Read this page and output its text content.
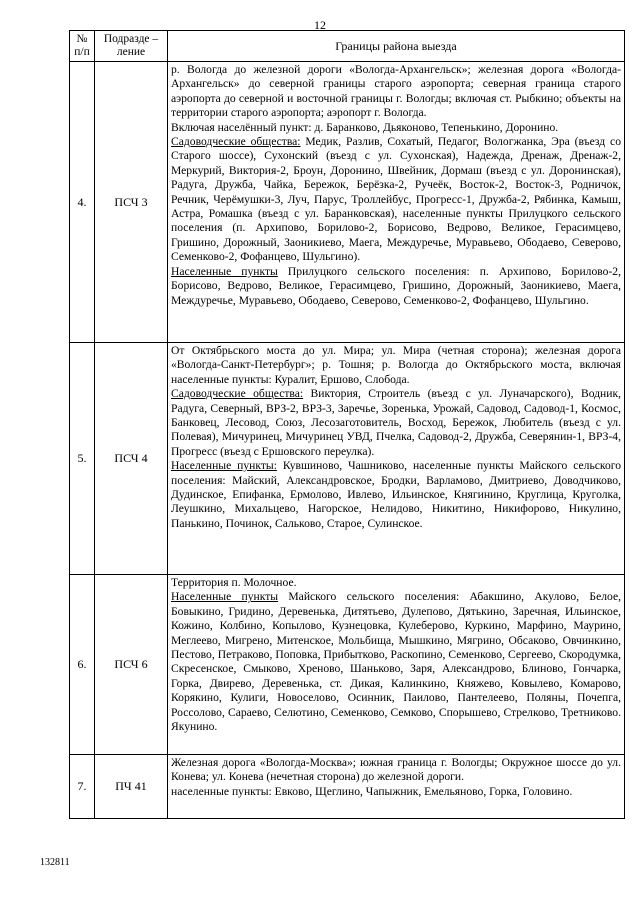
12
№ п/п	Подразде – ление	Границы района выезда
4.	ПСЧ 3	р. Вологда до железной дороги «Вологда-Архангельск»; железная дорога «Вологда-Архангельск» до северной границы старого аэропорта; северная граница старого аэропорта до северной и восточной границы г. Вологды; включая ст. Рыбкино; объекты на территории старого аэропорта; аэропорт г. Вологда.

Включая населённый пункт: д. Баранково, Дьяконово, Тепенькино, Доронино.

Садоводческие общества: Медик, Разлив, Сохатый, Педагог, Вологжанка, Эра (въезд со Старого шоссе), Сухонский (въезд с ул. Сухонская), Надежда, Дренаж, Дренаж-2, Меркурий, Виктория-2, Броун, Доронино, Швейник, Дормаш (въезд с ул. Доронинская), Радуга, Дружба, Чайка, Бережок, Берёзка-2, Ручеёк, Восток-2, Восток-3, Родничок, Речник, Черёмушки-3, Луч, Парус, Троллейбус, Прогресс-1, Дружба-2, Рябинка, Камыш, Астра, Ромашка (въезд с ул. Баранковская), населенные пункты Прилуцкого сельского поселения (п. Архипово, Борилово-2, Борисово, Ведрово, Великое, Герасимцево, Гришино, Дорожный, Заоникиево, Маега, Междуречье, Муравьево, Ободаево, Северово, Семенково-2, Фофанцево, Шульгино).

Населенные пункты Прилуцкого сельского поселения: п. Архипово, Борилово-2, Борисово, Ведрово, Великое, Герасимцево, Гришино, Дорожный, Заоникиево, Маега, Междуречье, Муравьево, Ободаево, Северово, Семенково-2, Фофанцево, Шульгино.

5.	ПСЧ 4	От Октябрьского моста до ул. Мира; ул. Мира (четная сторона); железная дорога «Вологда-Санкт-Петербург»; р. Тошня; р. Вологда до Октябрьского моста, включая населенные пункты: Куралит, Ершово, Слобода.

Садоводческие общества: Виктория, Строитель (въезд с ул. Луначарского), Водник, Радуга, Северный, ВРЗ-2, ВРЗ-3, Заречье, Зоренька, Урожай, Садовод, Садовод-1, Космос, Банковец, Лесовод, Союз, Лесозаготовитель, Восход, Бережок, Любитель (въезд с ул. Полевая), Мичуринец, Мичуринец УВД, Пчелка, Садовод-2, Дружба, Северянин-1, ВРЗ-4, Прогресс (въезд с Ершовского переулка).

Населенные пункты: Кувшиново, Чашниково, населенные пункты Майского сельского поселения: Майский, Александровское, Бродки, Варламово, Дмитриево, Доводчиково, Дудинское, Епифанка, Ермолово, Ивлево, Ильинское, Княгинино, Круглица, Круголка, Леушкино, Михальцево, Нагорское, Нелидово, Никитино, Никифорово, Никулино, Панькино, Починок, Сальково, Старое, Сулинское.

6.	ПСЧ 6	Территория п. Молочное.

Населенные пункты Майского сельского поселения: Абакшино, Акулово, Белое, Бовыкино, Гридино, Деревенька, Дитятьево, Дулепово, Дятькино, Заречная, Ильинское, Кожино, Колбино, Копылово, Кузнецовка, Кулеберово, Куркино, Марфино, Маурино, Меглеево, Мигрено, Митенское, Мольбища, Мышкино, Мягрино, Обсаково, Овчинкино, Пестово, Петраково, Поповка, Прибытково, Раскопино, Семенково, Сергеево, Скородумка, Скресенское, Смыково, Хреново, Шаньково, Заря, Александрово, Блиново, Гончарка, Горка, Двирево, Деревенька, ст. Дикая, Калинкино, Княжево, Ковылево, Комарово, Корякино, Кулиги, Новоселово, Осинник, Паилово, Пантелеево, Поляны, Почепга, Россолово, Сараево, Селютино, Семенково, Семково, Спорышево, Стрелково, Третниково. Якунино.

7.	ПЧ 41	Железная дорога «Вологда-Москва»; южная граница г. Вологды; Окружное шоссе до ул. Конева; ул. Конева (нечетная сторона) до железной дороги.

населенные пункты: Евково, Щеглино, Чапыжник, Емельяново, Горка, Головино.

132811
